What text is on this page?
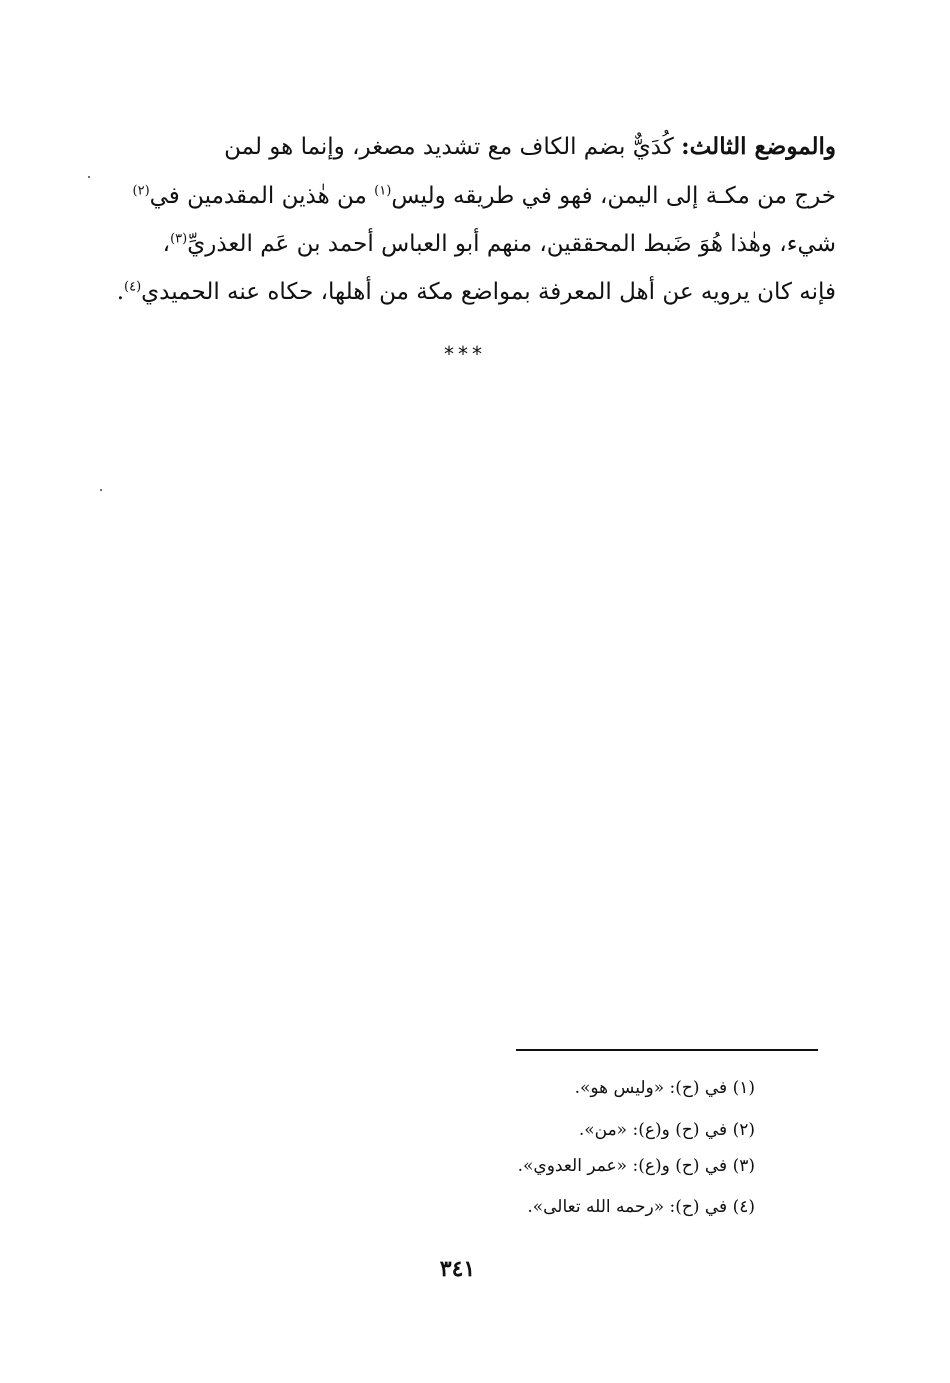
والموضع الثالث: كُدَيٌّ بضم الكاف مع تشديد مصغر، وإنما هو لمن
خرج من مكـة إلى اليمن، فهو في طريقه وليس$^{(١)}$ من هٰذين المقدمين في$^{(٢)}$
شيء، وهٰذا هُوَ ضَبط المحققين، منهم أبو العباس أحمد بن عَم العذريِّ$^{(٣)}$،
فإنه كان يرويه عن أهل المعرفة بمواضع مكة من أهلها، حكاه عنه الحميدي$^{(٤)}$.
***
(١) في (ح): «وليس هو».
(٢) في (ح) و(ع): «من».
(٣) في (ح) و(ع): «عمر العدوي».
(٤) في (ح): «رحمه الله تعالى».
٣٤١
